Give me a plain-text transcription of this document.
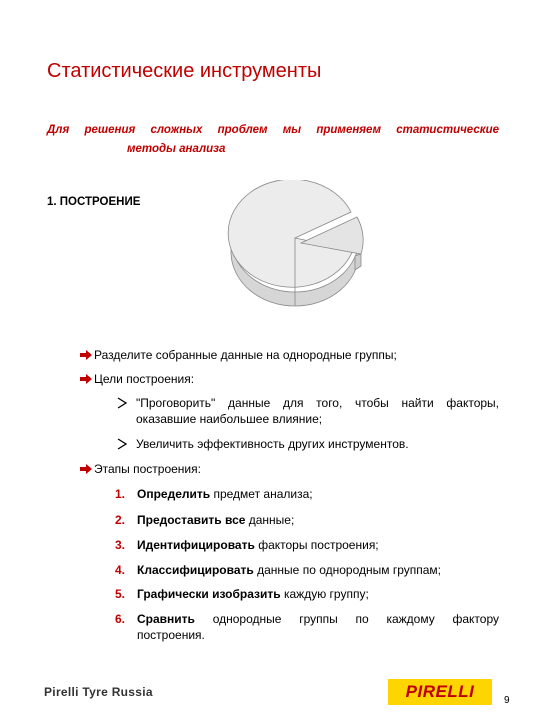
Статистические инструменты
Для решения сложных проблем мы применяем статистические
методы анализа
1. ПОСТРОЕНИЕ
Разделите собранные данные на однородные группы;
Цели построения:
"Проговорить" данные для того, чтобы найти факторы,
оказавшие наибольшее влияние;
Увеличить эффективность других инструментов.
Этапы построения:
1. Определить предмет анализа;
2. Предоставить все данные;
3. Идентифицировать факторы построения;
4. Классифицировать данные по однородным группам;
5. Графически изобразить каждую группу;
6. Сравнить однородные группы по каждому фактору
построения.
Pirelli Tyre Russia	PIRELLI	9
